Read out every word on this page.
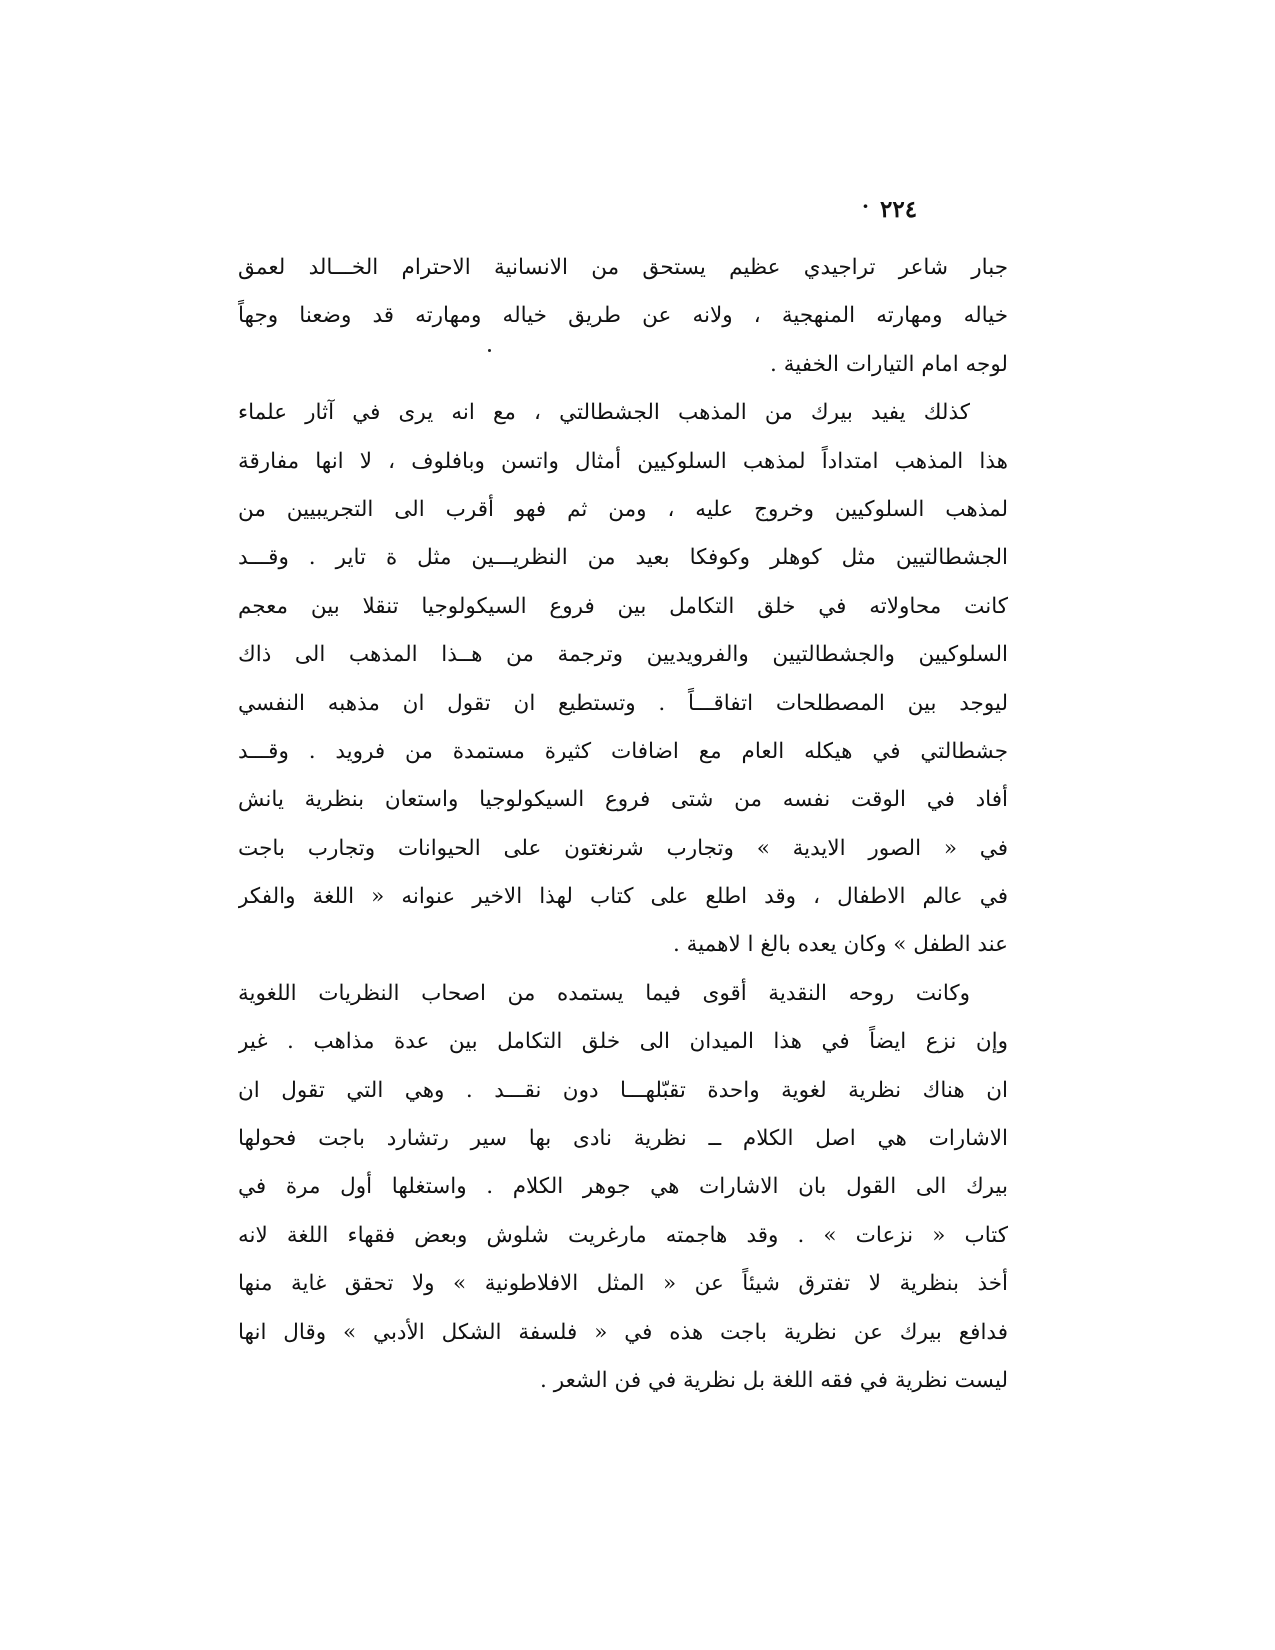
· ٢٢٤
جبار شاعر تراجيدي عظيم يستحق من الانسانية الاحترام الخـــالد لعمق
خياله ومهارته المنهجية ، ولانه عن طريق خياله ومهارته قد وضعنا وجهاً
لوجه امام التيارات الخفية .
كذلك يفيد بيرك من المذهب الجشطالتي ، مع انه يرى في آثار علماء
هذا المذهب امتداداً لمذهب السلوكيين أمثال واتسن وبافلوف ، لا انها مفارقة
لمذهب السلوكيين وخروج عليه ، ومن ثم فهو أقرب الى التجريبيين من
الجشطالتيين مثل كوهلر وكوفكا بعيد من النظريـــين مثل ة تاير . وقـــد
كانت محاولاته في خلق التكامل بين فروع السيكولوجيا تنقلا بين معجم
السلوكيين والجشطالتيين والفرويديين وترجمة من هــذا المذهب الى ذاك
ليوجد بين المصطلحات اتفاقـــاً . وتستطيع ان تقول ان مذهبه النفسي
جشطالتي في هيكله العام مع اضافات كثيرة مستمدة من فرويد . وقـــد
أفاد في الوقت نفسه من شتى فروع السيكولوجيا واستعان بنظرية يانش
في « الصور الايدية » وتجارب شرنغتون على الحيوانات وتجارب باجت
في عالم الاطفال ، وقد اطلع على كتاب لهذا الاخير عنوانه « اللغة والفكر
عند الطفل » وكان يعده بالغ ا لاهمية .
وكانت روحه النقدية أقوى فيما يستمده من اصحاب النظريات اللغوية
وإن نزع ايضاً في هذا الميدان الى خلق التكامل بين عدة مذاهب . غير
ان هناك نظرية لغوية واحدة تقبّلهـــا دون نقـــد . وهي التي تقول ان
الاشارات هي اصل الكلام ــ نظرية نادى بها سير رتشارد باجت فحولها
بيرك الى القول بان الاشارات هي جوهر الكلام . واستغلها أول مرة في
كتاب « نزعات » . وقد هاجمته مارغريت شلوش وبعض فقهاء اللغة لانه
أخذ بنظرية لا تفترق شيئاً عن « المثل الافلاطونية » ولا تحقق غاية منها
فدافع بيرك عن نظرية باجت هذه في « فلسفة الشكل الأدبي » وقال انها
ليست نظرية في فقه اللغة بل نظرية في فن الشعر .
